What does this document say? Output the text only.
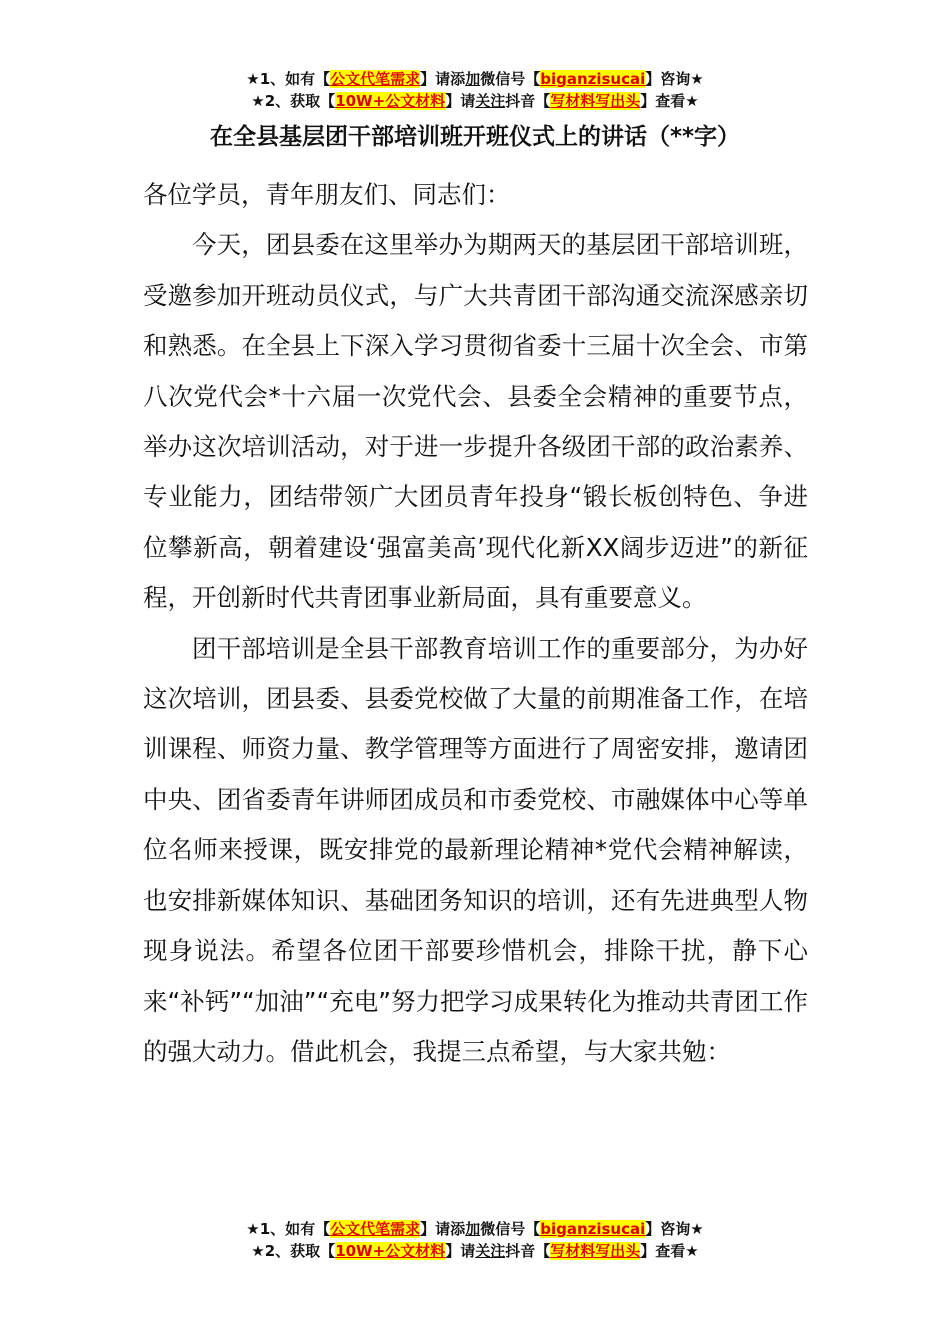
★1、如有【公文代笔需求】请添加微信号【biganzisucai】咨询★
★2、获取【10W+公文材料】请关注抖音【写材料写出头】查看★
在全县基层团干部培训班开班仪式上的讲话（**字）

各位学员，青年朋友们、同志们：

今天，团县委在这里举办为期两天的基层团干部培训班，受邀参加开班动员仪式，与广大共青团干部沟通交流深感亲切和熟悉。在全县上下深入学习贯彻省委十三届十次全会、市第八次党代会*十六届一次党代会、县委全会精神的重要节点，举办这次培训活动，对于进一步提升各级团干部的政治素养、专业能力，团结带领广大团员青年投身“锻长板创特色、争进位攀新高，朝着建设‘强富美高’现代化新XX阔步迈进”的新征程，开创新时代共青团事业新局面，具有重要意义。

团干部培训是全县干部教育培训工作的重要部分，为办好这次培训，团县委、县委党校做了大量的前期准备工作，在培训课程、师资力量、教学管理等方面进行了周密安排，邀请团中央、团省委青年讲师团成员和市委党校、市融媒体中心等单位名师来授课，既安排党的最新理论精神*党代会精神解读，也安排新媒体知识、基础团务知识的培训，还有先进典型人物现身说法。希望各位团干部要珍惜机会，排除干扰，静下心来“补钙”“加油”“充电”努力把学习成果转化为推动共青团工作的强大动力。借此机会，我提三点希望，与大家共勉：

★1、如有【公文代笔需求】请添加微信号【biganzisucai】咨询★
★2、获取【10W+公文材料】请关注抖音【写材料写出头】查看★
